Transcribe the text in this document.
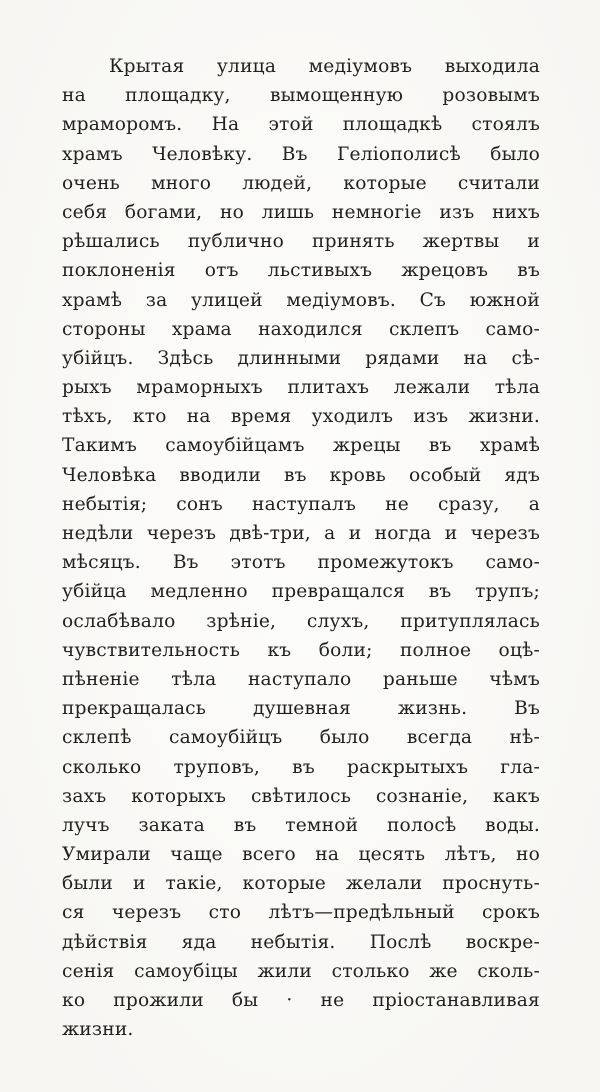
Крытая улица медіумовъ выходила
на площадку, вымощенную розовымъ
мраморомъ. На этой площадкѣ стоялъ
храмъ Человѣку. Въ Геліополисѣ было
очень много людей, которые считали
себя богами, но лишь немногіе изъ нихъ
рѣшались публично принять жертвы и
поклоненія отъ льстивыхъ жрецовъ въ
храмѣ за улицей медіумовъ. Съ южной
стороны храма находился склепъ само-
убійцъ. Здѣсь длинными рядами на сѣ-
рыхъ мраморныхъ плитахъ лежали тѣла
тѣхъ, кто на время уходилъ изъ жизни.
Такимъ самоубійцамъ жрецы въ храмѣ
Человѣка вводили въ кровь особый ядъ
небытія; сонъ наступалъ не сразу, а
недѣли черезъ двѣ-три, а и ногда и черезъ
мѣсяцъ. Въ этотъ промежутокъ само-
убійца медленно превращался въ трупъ;
ослабѣвало зрѣніе, слухъ, притуплялась
чувствительность къ боли; полное оцѣ-
пѣненіе тѣла наступало раньше чѣмъ
прекращалась душевная жизнь. Въ
склепѣ самоубійцъ было всегда нѣ-
сколько труповъ, въ раскрытыхъ гла-
захъ которыхъ свѣтилось сознаніе, какъ
лучъ заката въ темной полосѣ воды.
Умирали чаще всего на цесять лѣтъ, но
были и такіе, которые желали проснуть-
ся черезъ сто лѣтъ—предѣльный срокъ
дѣйствія яда небытія. Послѣ воскре-
сенія самоубіцы жили столько же сколь-
ко прожили бы · не пріостанавливая
жизни.
